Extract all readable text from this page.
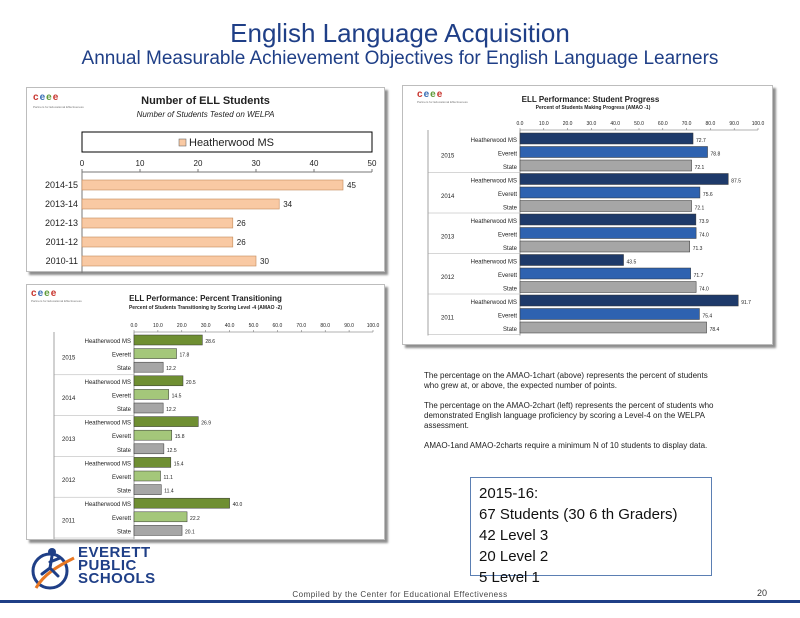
English Language Acquisition
Annual Measurable Achievement Objectives for English Language Learners
ceee
Partners for Educational Effectiveness	Number of ELL Students
Number of Students Tested on WELPA
Heatherwood MS
0	10	20	30	40	50
2014-15	45
2013-14	34
2012-13	26
2011-12	26
2010-11	30
ceee
Partners for Educational Effectiveness	ELL Performance: Student Progress
Percent of Students Making Progress (AMAO -1)
0.0	10.0	20.0	30.0	40.0	50.0	60.0	70.0	80.0	90.0	100.0
Heatherwood MS	72.7
Everett	78.8
State	72.1
2015
Heatherwood MS	87.5
Everett	75.6
State	72.1
2014
Heatherwood MS	73.9
Everett	74.0
State	71.3
2013
Heatherwood MS	43.5
Everett	71.7
State	74.0
2012
Heatherwood MS	91.7
Everett	75.4
State	78.4
2011
ceee
Partners for Educational Effectiveness	ELL Performance: Percent Transitioning
Percent of Students Transitioning by Scoring Level -4 (AMAO -2)
0.0	10.0	20.0	30.0	40.0	50.0	60.0	70.0	80.0	90.0	100.0
Heatherwood MS	28.6
Everett	17.8
State	12.2
2015
Heatherwood MS	20.5
Everett	14.5
State	12.2
2014
Heatherwood MS	26.9
Everett	15.8
State	12.5
2013
Heatherwood MS	15.4
Everett	11.1
State	11.4
2012
Heatherwood MS	40.0
Everett	22.2
State	20.1
2011

The percentage on the AMAO-1chart (above) represents the percent of students who grew at, or above, the expected number of points.

The percentage on the AMAO-2chart (left) represents the percent of students who demonstrated English language proficiency by scoring a Level-4 on the WELPA assessment.

AMAO-1and AMAO-2charts require a minimum N of 10 students to display data.

2015-16:
67 Students (30 6 th Graders)
42 Level 3
20 Level 2
5 Level 1
EVERETT
PUBLIC
SCHOOLS
Compiled by the Center for Educational Effectiveness	20
